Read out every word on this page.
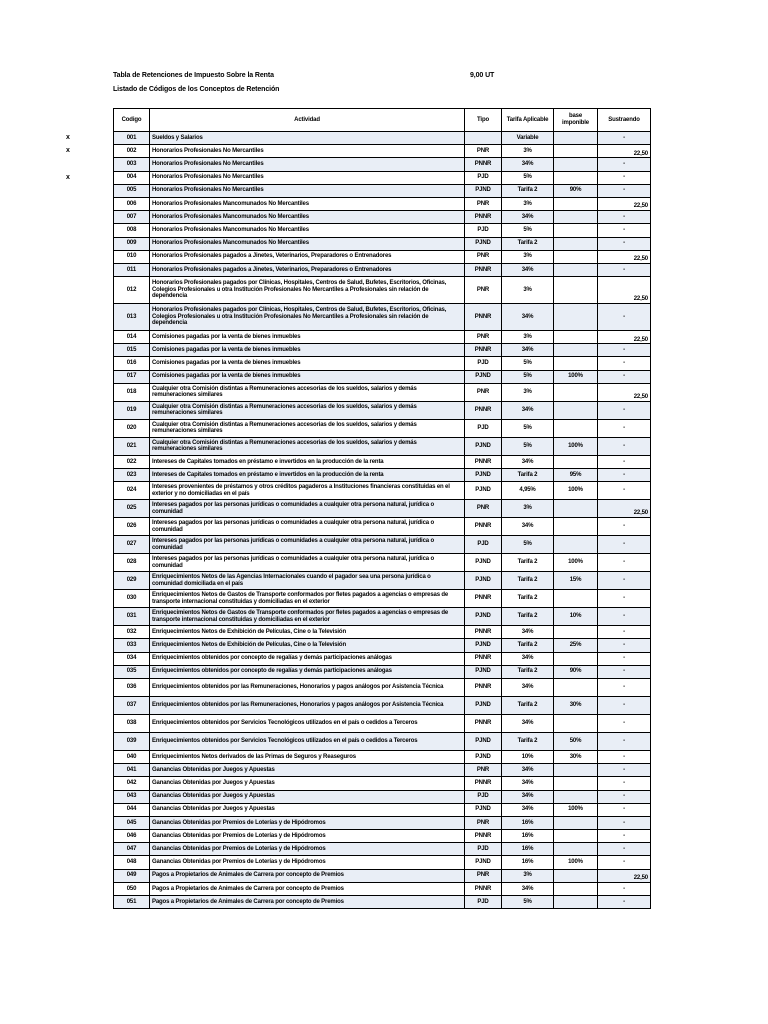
Tabla de Retenciones de Impuesto Sobre la Renta	9,00 UT
Listado de Códigos de los Conceptos de Retención
x
x
x
Codigo	Actividad	Tipo	Tarifa Aplicable	base imponible	Sustraendo
001	Sueldos y Salarios		Variable		-
002	Honorarios Profesionales No Mercantiles	PNR	3%		22,50
003	Honorarios Profesionales No Mercantiles	PNNR	34%		-
004	Honorarios Profesionales No Mercantiles	PJD	5%		-
005	Honorarios Profesionales No Mercantiles	PJND	Tarifa 2	90%	-
006	Honorarios Profesionales Mancomunados No Mercantiles	PNR	3%		22,50
007	Honorarios Profesionales Mancomunados No Mercantiles	PNNR	34%		-
008	Honorarios Profesionales Mancomunados No Mercantiles	PJD	5%		-
009	Honorarios Profesionales Mancomunados No Mercantiles	PJND	Tarifa 2		-
010	Honorarios Profesionales pagados a Jinetes, Veterinarios, Preparadores o Entrenadores	PNR	3%		22,50
011	Honorarios Profesionales pagados a Jinetes, Veterinarios, Preparadores o Entrenadores	PNNR	34%		-
012	Honorarios Profesionales pagados por Clínicas, Hospitales, Centros de Salud, Bufetes, Escritorios, Oficinas, Colegios Profesionales u otra Institución Profesionales No Mercantiles a Profesionales sin relación de dependencia	PNR	3%		22,50
013	Honorarios Profesionales pagados por Clínicas, Hospitales, Centros de Salud, Bufetes, Escritorios, Oficinas, Colegios Profesionales u otra Institución Profesionales No Mercantiles a Profesionales sin relación de dependencia	PNNR	34%		-
014	Comisiones pagadas por la venta de bienes inmuebles	PNR	3%		22,50
015	Comisiones pagadas por la venta de bienes inmuebles	PNNR	34%		-
016	Comisiones pagadas por la venta de bienes inmuebles	PJD	5%		-
017	Comisiones pagadas por la venta de bienes inmuebles	PJND	5%	100%	-
018	Cualquier otra Comisión distintas a Remuneraciones accesorias de los sueldos, salarios y demás remuneraciones similares	PNR	3%		22,50
019	Cualquier otra Comisión distintas a Remuneraciones accesorias de los sueldos, salarios y demás remuneraciones similares	PNNR	34%		-
020	Cualquier otra Comisión distintas a Remuneraciones accesorias de los sueldos, salarios y demás remuneraciones similares	PJD	5%		-
021	Cualquier otra Comisión distintas a Remuneraciones accesorias de los sueldos, salarios y demás remuneraciones similares	PJND	5%	100%	-
022	Intereses de Capitales tomados en préstamo e invertidos en la producción de la renta	PNNR	34%		-
023	Intereses de Capitales tomados en préstamo e invertidos en la producción de la renta	PJND	Tarifa 2	95%	-
024	Intereses provenientes de préstamos y otros créditos pagaderos a Instituciones financieras constituidas en el exterior y no domiciliadas en el país	PJND	4,95%	100%	-
025	Intereses pagados por las personas jurídicas o comunidades a cualquier otra persona natural, jurídica o comunidad	PNR	3%		22,50
026	Intereses pagados por las personas jurídicas o comunidades a cualquier otra persona natural, jurídica o comunidad	PNNR	34%		-
027	Intereses pagados por las personas jurídicas o comunidades a cualquier otra persona natural, jurídica o comunidad	PJD	5%		-
028	Intereses pagados por las personas jurídicas o comunidades a cualquier otra persona natural, jurídica o comunidad	PJND	Tarifa 2	100%	-
029	Enriquecimientos Netos de las Agencias Internacionales cuando el pagador sea una persona jurídica o comunidad domiciliada en el país	PJND	Tarifa 2	15%	-
030	Enriquecimientos Netos de Gastos de Transporte conformados por fletes pagados a agencias o empresas de transporte internacional constituidas y domiciliadas en el exterior	PNNR	Tarifa 2		-
031	Enriquecimientos Netos de Gastos de Transporte conformados por fletes pagados a agencias o empresas de transporte internacional constituidas y domiciliadas en el exterior	PJND	Tarifa 2	10%	-
032	Enriquecimientos Netos de Exhibición de Películas, Cine o la Televisión	PNNR	34%		-
033	Enriquecimientos Netos de Exhibición de Películas, Cine o la Televisión	PJND	Tarifa 2	25%	-
034	Enriquecimientos obtenidos por concepto de regalías y demás participaciones análogas	PNNR	34%		-
035	Enriquecimientos obtenidos por concepto de regalías y demás participaciones análogas	PJND	Tarifa 2	90%	-
036	Enriquecimientos obtenidos por las Remuneraciones, Honorarios y pagos análogos por Asistencia Técnica	PNNR	34%		-
037	Enriquecimientos obtenidos por las Remuneraciones, Honorarios y pagos análogos por Asistencia Técnica	PJND	Tarifa 2	30%	-
038	Enriquecimientos obtenidos por Servicios Tecnológicos utilizados en el país o cedidos a Terceros	PNNR	34%		-
039	Enriquecimientos obtenidos por Servicios Tecnológicos utilizados en el país o cedidos a Terceros	PJND	Tarifa 2	50%	-
040	Enriquecimientos Netos derivados de las Primas de Seguros y Reaseguros	PJND	10%	30%	-
041	Ganancias Obtenidas por Juegos y Apuestas	PNR	34%		-
042	Ganancias Obtenidas por Juegos y Apuestas	PNNR	34%		-
043	Ganancias Obtenidas por Juegos y Apuestas	PJD	34%		-
044	Ganancias Obtenidas por Juegos y Apuestas	PJND	34%	100%	-
045	Ganancias Obtenidas por Premios de Loterías y de Hipódromos	PNR	16%		-
046	Ganancias Obtenidas por Premios de Loterías y de Hipódromos	PNNR	16%		-
047	Ganancias Obtenidas por Premios de Loterías y de Hipódromos	PJD	16%		-
048	Ganancias Obtenidas por Premios de Loterías y de Hipódromos	PJND	16%	100%	-
049	Pagos a Propietarios de Animales de Carrera por concepto de Premios	PNR	3%		22,50
050	Pagos a Propietarios de Animales de Carrera por concepto de Premios	PNNR	34%		-
051	Pagos a Propietarios de Animales de Carrera por concepto de Premios	PJD	5%		-
